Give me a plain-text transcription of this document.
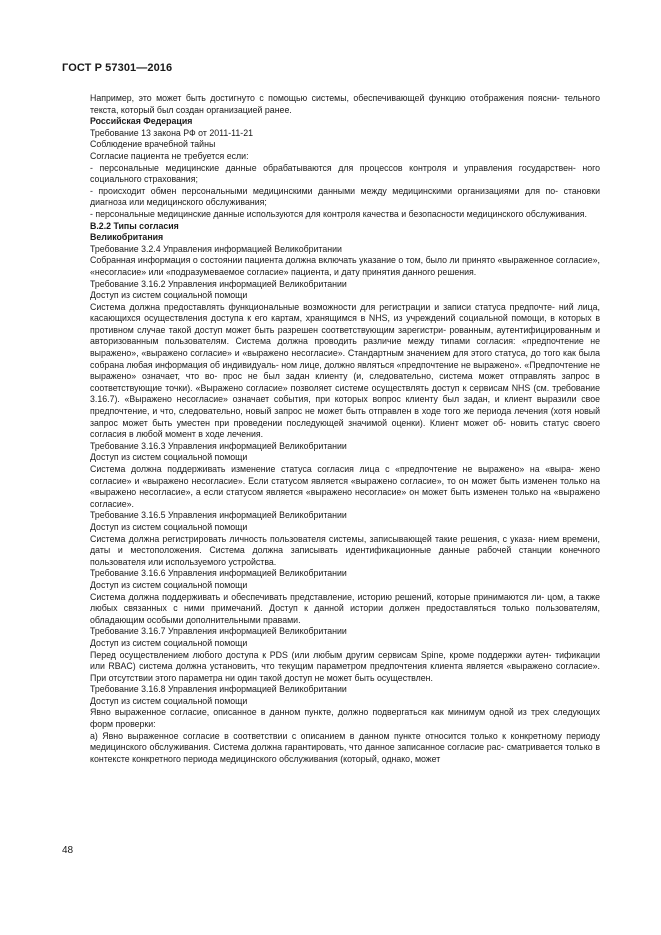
ГОСТ Р 57301—2016

Например, это может быть достигнуто с помощью системы, обеспечивающей функцию отображения поясни- тельного текста, который был создан организацией ранее.

Российская Федерация

Требование 13 закона РФ от 2011-11-21

Соблюдение врачебной тайны

Согласие пациента не требуется если:

- персональные медицинские данные обрабатываются для процессов контроля и управления государствен- ного социального страхования;

- происходит обмен персональными медицинскими данными между медицинскими организациями для по- становки диагноза или медицинского обслуживания;

- персональные медицинские данные используются для контроля качества и безопасности медицинского обслуживания.

В.2.2 Типы согласия

Великобритания

Требование 3.2.4 Управления информацией Великобритании

Собранная информация о состоянии пациента должна включать указание о том, было ли принято «выраженное согласие», «несогласие» или «подразумеваемое согласие» пациента, и дату принятия данного решения.

Требование 3.16.2 Управления информацией Великобритании

Доступ из систем социальной помощи

Система должна предоставлять функциональные возможности для регистрации и записи статуса предпочте- ний лица, касающихся осуществления доступа к его картам, хранящимся в NHS, из учреждений социальной помощи, в которых в противном случае такой доступ может быть разрешен соответствующим зарегистри- рованным, аутентифицированным и авторизованным пользователям. Система должна проводить различие между типами согласия: «предпочтение не выражено», «выражено согласие» и «выражено несогласие». Стандартным значением для этого статуса, до того как была собрана любая информация об индивидуаль- ном лице, должно являться «предпочтение не выражено». «Предпочтение не выражено» означает, что во- прос не был задан клиенту (и, следовательно, система может отправлять запрос в соответствующие точки). «Выражено согласие» позволяет системе осуществлять доступ к сервисам NHS (см. требование 3.16.7). «Выражено несогласие» означает события, при которых вопрос клиенту был задан, и клиент выразили свое предпочтение, и что, следовательно, новый запрос не может быть отправлен в ходе того же периода лечения (хотя новый запрос может быть уместен при проведении последующей значимой оценки). Клиент может об- новить статус своего согласия в любой момент в ходе лечения.

Требование 3.16.3 Управления информацией Великобритании

Доступ из систем социальной помощи

Система должна поддерживать изменение статуса согласия лица с «предпочтение не выражено» на «выра- жено согласие» и «выражено несогласие». Если статусом является «выражено согласие», то он может быть изменен только на «выражено несогласие», а если статусом является «выражено несогласие» он может быть изменен только на «выражено согласие».

Требование 3.16.5 Управления информацией Великобритании

Доступ из систем социальной помощи

Система должна регистрировать личность пользователя системы, записывающей такие решения, с указа- нием времени, даты и местоположения. Система должна записывать идентификационные данные рабочей станции конечного пользователя или используемого устройства.

Требование 3.16.6 Управления информацией Великобритании

Доступ из систем социальной помощи

Система должна поддерживать и обеспечивать представление, историю решений, которые принимаются ли- цом, а также любых связанных с ними примечаний. Доступ к данной истории должен предоставляться только пользователям, обладающим особыми дополнительными правами.

Требование 3.16.7 Управления информацией Великобритании

Доступ из систем социальной помощи

Перед осуществлением любого доступа к PDS (или любым другим сервисам Spine, кроме поддержки аутен- тификации или RBAC) система должна установить, что текущим параметром предпочтения клиента является «выражено согласие». При отсутствии этого параметра ни один такой доступ не может быть осуществлен.

Требование 3.16.8 Управления информацией Великобритании

Доступ из систем социальной помощи

Явно выраженное согласие, описанное в данном пункте, должно подвергаться как минимум одной из трех следующих форм проверки:

а) Явно выраженное согласие в соответствии с описанием в данном пункте относится только к конкретному периоду медицинского обслуживания. Система должна гарантировать, что данное записанное согласие рас- сматривается только в контексте конкретного периода медицинского обслуживания (который, однако, может

48
